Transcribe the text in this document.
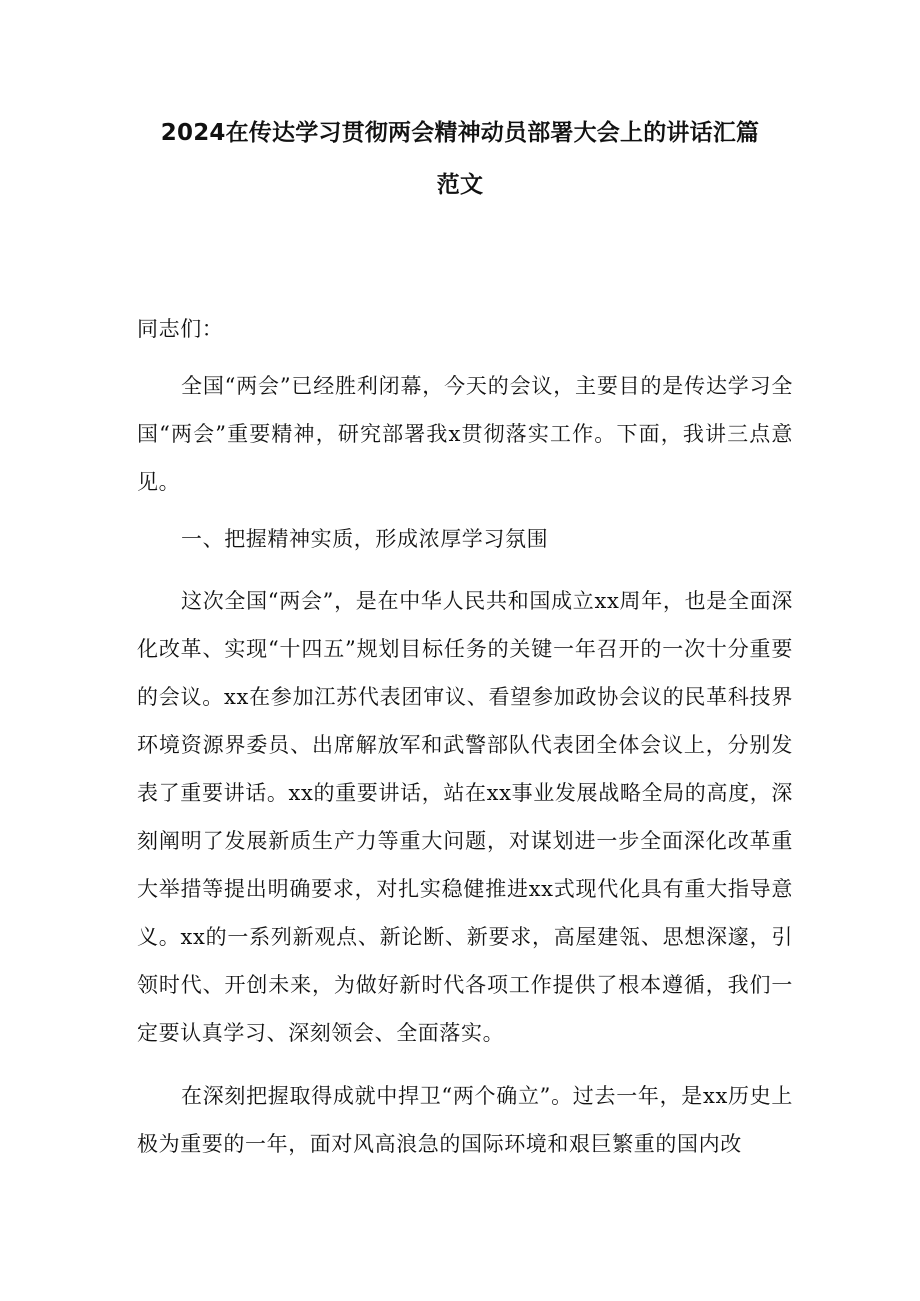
2024在传达学习贯彻两会精神动员部署大会上的讲话汇篇
范文

同志们：

全国“两会”已经胜利闭幕，今天的会议，主要目的是传达学习全国“两会”重要精神，研究部署我x贯彻落实工作。下面，我讲三点意见。

一、把握精神实质，形成浓厚学习氛围

这次全国“两会”，是在中华人民共和国成立xx周年，也是全面深化改革、实现“十四五”规划目标任务的关键一年召开的一次十分重要的会议。xx在参加江苏代表团审议、看望参加政协会议的民革科技界环境资源界委员、出席解放军和武警部队代表团全体会议上，分别发表了重要讲话。xx的重要讲话，站在xx事业发展战略全局的高度，深刻阐明了发展新质生产力等重大问题，对谋划进一步全面深化改革重大举措等提出明确要求，对扎实稳健推进xx式现代化具有重大指导意义。xx的一系列新观点、新论断、新要求，高屋建瓴、思想深邃，引领时代、开创未来，为做好新时代各项工作提供了根本遵循，我们一定要认真学习、深刻领会、全面落实。

在深刻把握取得成就中捍卫“两个确立”。过去一年，是xx历史上极为重要的一年，面对风高浪急的国际环境和艰巨繁重的国内改
